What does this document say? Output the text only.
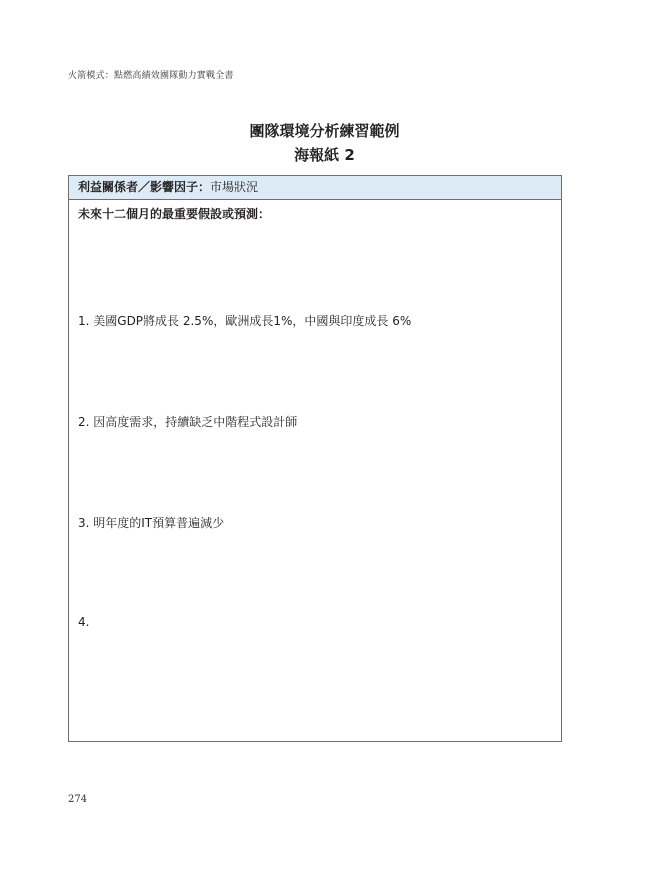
火箭模式：點燃高績效團隊動力實戰全書
團隊環境分析練習範例
海報紙 2
利益關係者／影響因子：市場狀況
未來十二個月的最重要假設或預測：
1. 美國GDP將成長 2.5%，歐洲成長1%，中國與印度成長 6%
2. 因高度需求，持續缺乏中階程式設計師
3. 明年度的IT預算普遍減少
4.
274
